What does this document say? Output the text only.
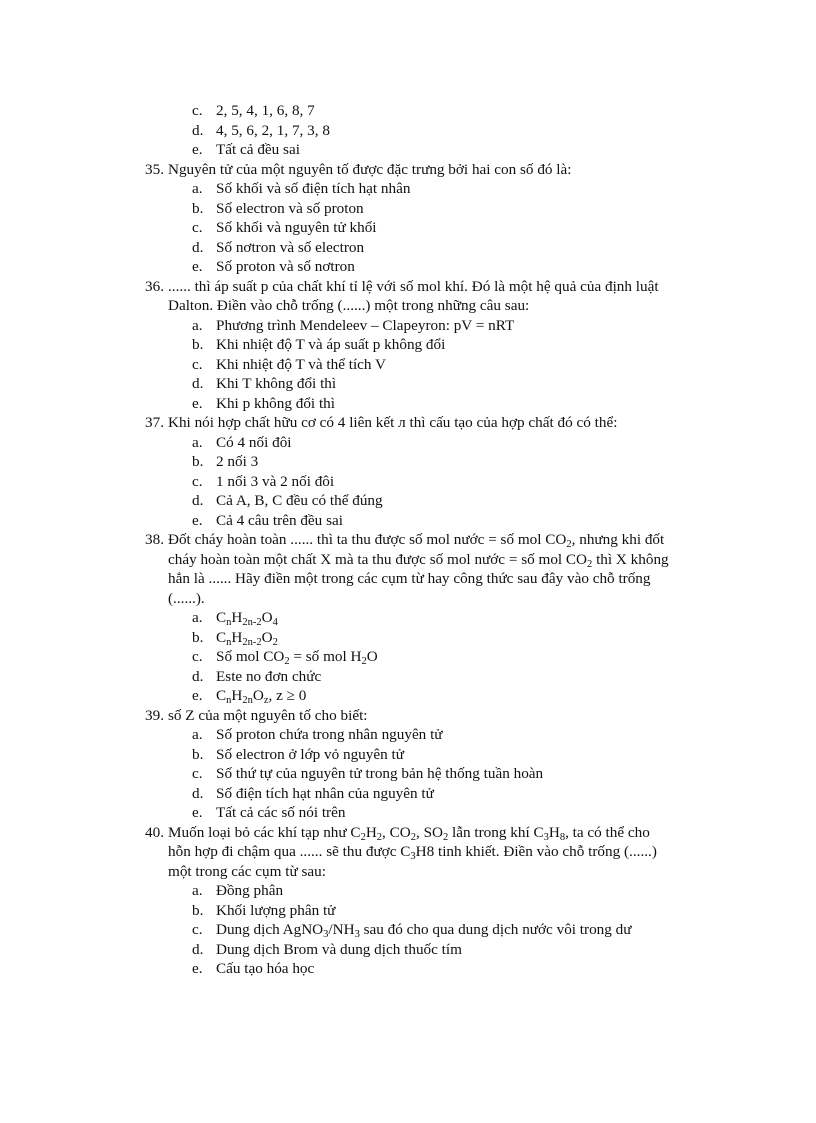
c. 2, 5, 4, 1, 6, 8, 7
d. 4, 5, 6, 2, 1, 7, 3, 8
e. Tất cả đều sai
35. Nguyên tử của một nguyên tố được đặc trưng bởi hai con số đó là:
a. Số khối và số điện tích hạt nhân
b. Số electron và số proton
c. Số khối và nguyên tử khối
d. Số nơtron và số electron
e. Số proton và số nơtron
36. ...... thì áp suất p của chất khí tỉ lệ với số mol khí. Đó là một hệ quả của định luật
Dalton. Điền vào chỗ trống (......) một trong những câu sau:
a. Phương trình Mendeleev – Clapeyron: pV = nRT
b. Khi nhiệt độ T và áp suất p không đổi
c. Khi nhiệt độ T và thể tích V
d. Khi T không đổi thì
e. Khi p không đổi thì
37. Khi nói hợp chất hữu cơ có 4 liên kết л thì cấu tạo của hợp chất đó có thể:
a. Có 4 nối đôi
b. 2 nối 3
c. 1 nối 3 và 2 nối đôi
d. Cả A, B, C đều có thể đúng
e. Cả 4 câu trên đều sai
38. Đốt cháy hoàn toàn ...... thì ta thu được số mol nước = số mol $CO_2$, nhưng khi đốt
cháy hoàn toàn một chất X mà ta thu được số mol nước = số mol $CO_2$ thì X không
hẳn là ...... Hãy điền một trong các cụm từ hay công thức sau đây vào chỗ trống
(......).
a. $C_nH_{2n-2}O_4$
b. $C_nH_{2n-2}O_2$
c. Số mol $CO_2$ = số mol $H_2O$
d. Este no đơn chức
e. $C_nH_{2n}O_z$, z ≥ 0
39. số Z của một nguyên tố cho biết:
a. Số proton chứa trong nhân nguyên tử
b. Số electron ở lớp vỏ nguyên tử
c. Số thứ tự của nguyên tử trong bản hệ thống tuần hoàn
d. Số điện tích hạt nhân của nguyên tử
e. Tất cả các số nói trên
40. Muốn loại bỏ các khí tạp như $C_2H_2$, $CO_2$, $SO_2$ lẫn trong khí $C_3H_8$, ta có thể cho
hỗn hợp đi chậm qua ...... sẽ thu được $C_3H8$ tinh khiết. Điền vào chỗ trống (......)
một trong các cụm từ sau:
a. Đồng phân
b. Khối lượng phân tử
c. Dung dịch $AgNO_3/NH_3$ sau đó cho qua dung dịch nước vôi trong dư
d. Dung dịch Brom và dung dịch thuốc tím
e. Cấu tạo hóa học
